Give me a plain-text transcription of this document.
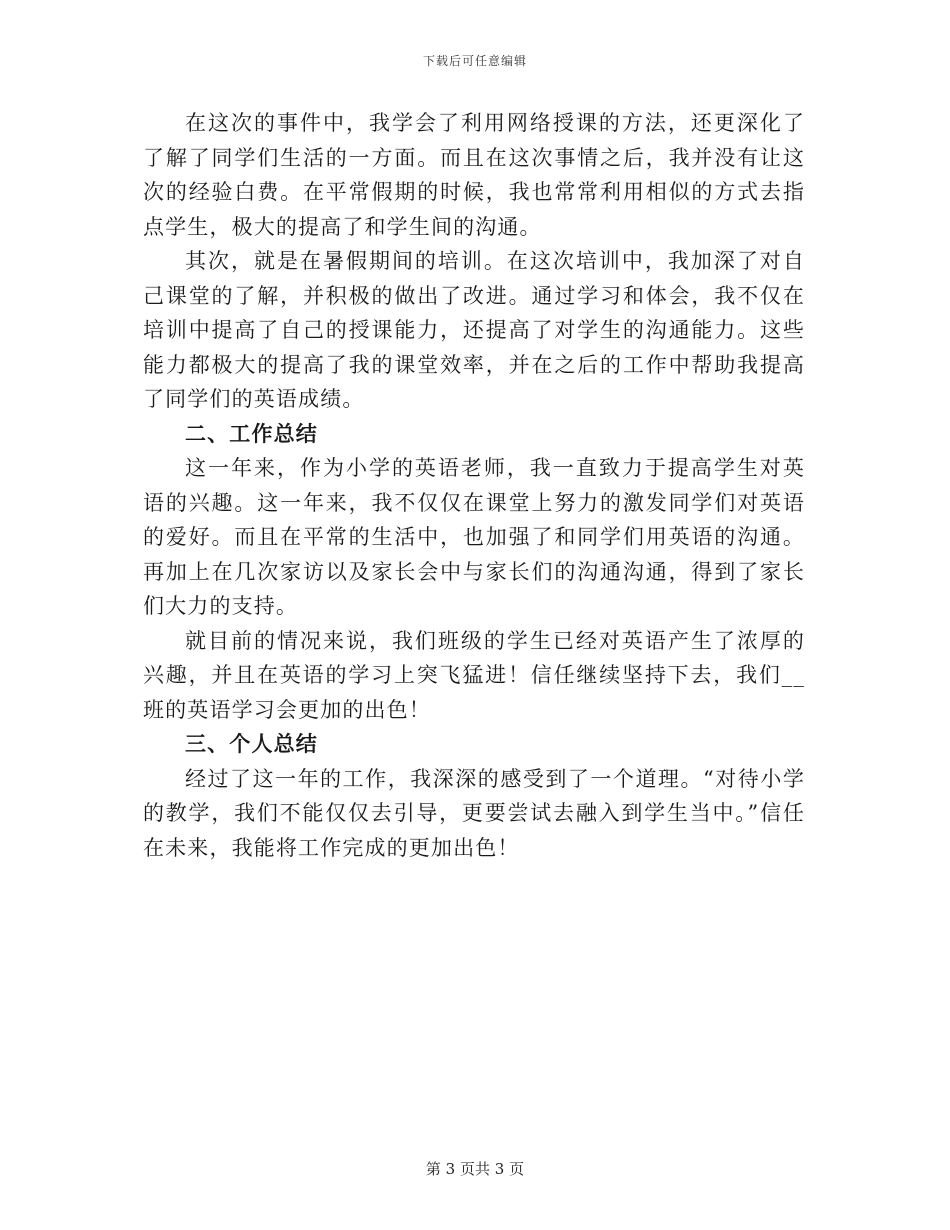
下载后可任意编辑

在这次的事件中，我学会了利用网络授课的方法，还更深化了了解了同学们生活的一方面。而且在这次事情之后，我并没有让这次的经验白费。在平常假期的时候，我也常常利用相似的方式去指点学生，极大的提高了和学生间的沟通。

其次，就是在暑假期间的培训。在这次培训中，我加深了对自己课堂的了解，并积极的做出了改进。通过学习和体会，我不仅在培训中提高了自己的授课能力，还提高了对学生的沟通能力。这些能力都极大的提高了我的课堂效率，并在之后的工作中帮助我提高了同学们的英语成绩。

二、工作总结

这一年来，作为小学的英语老师，我一直致力于提高学生对英语的兴趣。这一年来，我不仅仅在课堂上努力的激发同学们对英语的爱好。而且在平常的生活中，也加强了和同学们用英语的沟通。再加上在几次家访以及家长会中与家长们的沟通沟通，得到了家长们大力的支持。

就目前的情况来说，我们班级的学生已经对英语产生了浓厚的兴趣，并且在英语的学习上突飞猛进！信任继续坚持下去，我们__班的英语学习会更加的出色！

三、个人总结

经过了这一年的工作，我深深的感受到了一个道理。“对待小学的教学，我们不能仅仅去引导，更要尝试去融入到学生当中。”信任在未来，我能将工作完成的更加出色！

第 3 页共 3 页
